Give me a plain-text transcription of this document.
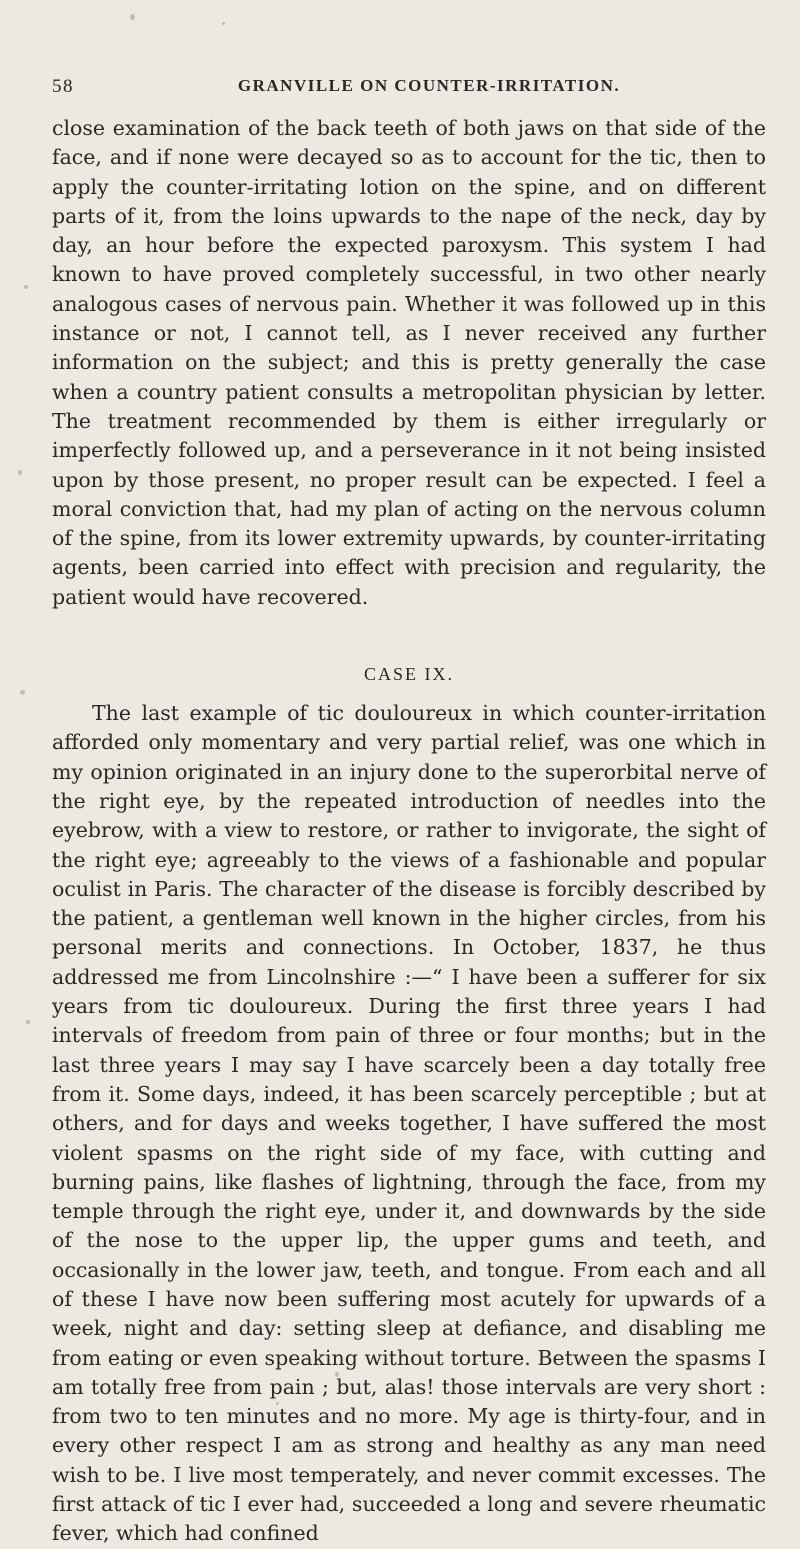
58	GRANVILLE ON COUNTER-IRRITATION.

close examination of the back teeth of both jaws on that side of the face, and if none were decayed so as to account for the tic, then to apply the counter-irritating lotion on the spine, and on different parts of it, from the loins upwards to the nape of the neck, day by day, an hour before the expected paroxysm. This system I had known to have proved completely successful, in two other nearly analogous cases of nervous pain. Whether it was followed up in this instance or not, I cannot tell, as I never received any further information on the subject; and this is pretty generally the case when a country patient consults a metropolitan physician by letter. The treatment recommended by them is either irregularly or imperfectly followed up, and a perseverance in it not being insisted upon by those present, no proper result can be expected. I feel a moral conviction that, had my plan of acting on the nervous column of the spine, from its lower extremity upwards, by counter-irritating agents, been carried into effect with precision and regularity, the patient would have recovered.

CASE IX.

The last example of tic douloureux in which counter-irritation afforded only momentary and very partial relief, was one which in my opinion originated in an injury done to the superorbital nerve of the right eye, by the repeated introduction of needles into the eyebrow, with a view to restore, or rather to invigorate, the sight of the right eye; agreeably to the views of a fashionable and popular oculist in Paris. The character of the disease is forcibly described by the patient, a gentleman well known in the higher circles, from his personal merits and connections. In October, 1837, he thus addressed me from Lincolnshire :—“ I have been a sufferer for six years from tic douloureux. During the first three years I had intervals of freedom from pain of three or four months; but in the last three years I may say I have scarcely been a day totally free from it. Some days, indeed, it has been scarcely perceptible ; but at others, and for days and weeks together, I have suffered the most violent spasms on the right side of my face, with cutting and burning pains, like flashes of lightning, through the face, from my temple through the right eye, under it, and downwards by the side of the nose to the upper lip, the upper gums and teeth, and occasionally in the lower jaw, teeth, and tongue. From each and all of these I have now been suffering most acutely for upwards of a week, night and day: setting sleep at defiance, and disabling me from eating or even speaking without torture. Between the spasms I am totally free from pain ; but, alas! those intervals are very short : from two to ten minutes and no more. My age is thirty-four, and in every other respect I am as strong and healthy as any man need wish to be. I live most temperately, and never commit excesses. The first attack of tic I ever had, succeeded a long and severe rheumatic fever, which had confined
